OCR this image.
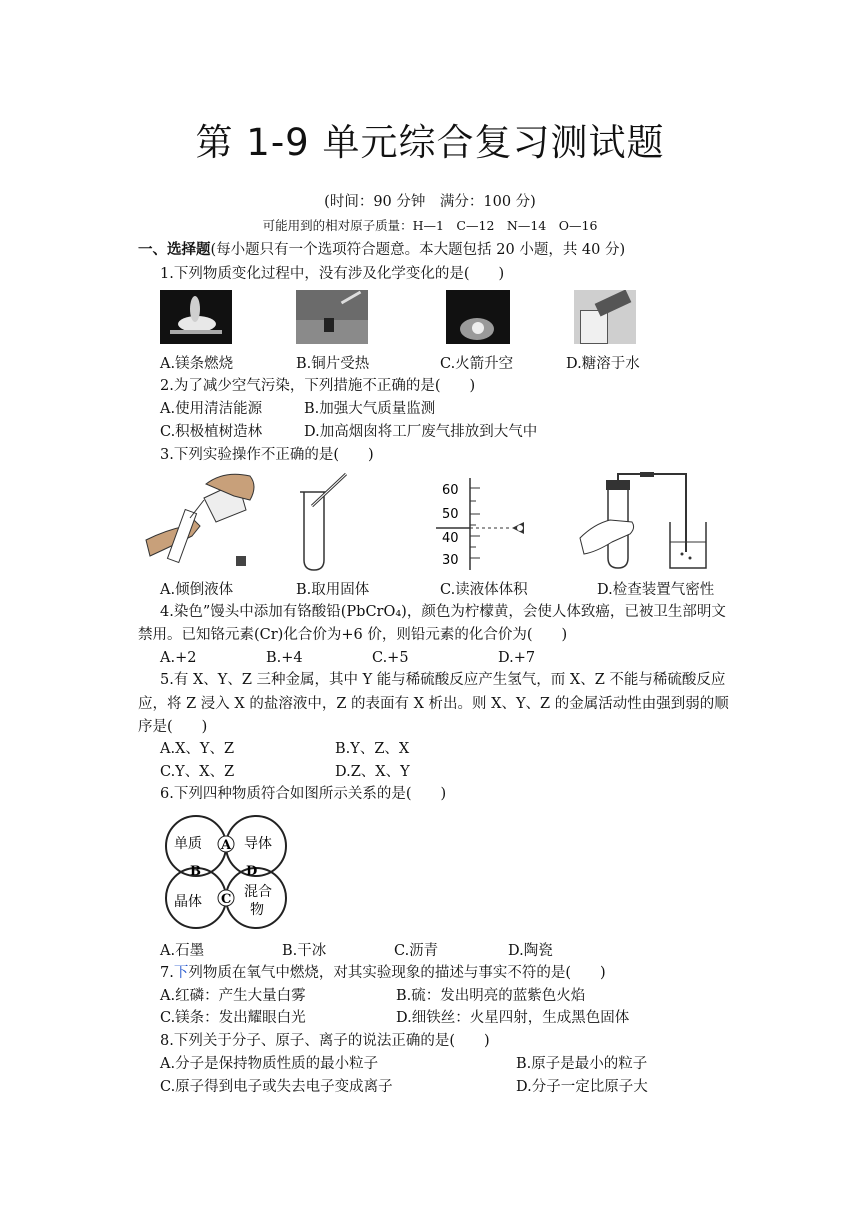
第 1-9 单元综合复习测试题
(时间：90 分钟　满分：100 分)
可能用到的相对原子质量：H—1　C—12　N—14　O—16
一、选择题(每小题只有一个选项符合题意。本大题包括 20 小题，共 40 分)
1.下列物质变化过程中，没有涉及化学变化的是(　　)
A.镁条燃烧	B.铜片受热	C.火箭升空	D.糖溶于水
2.为了减少空气污染，下列措施不正确的是(　　)
A.使用清洁能源	B.加强大气质量监测
C.积极植树造林	D.加高烟囱将工厂废气排放到大气中
3.下列实验操作不正确的是(　　)
60
50
40
30
A.倾倒液体	B.取用固体	C.读液体体积	D.检查装置气密性
4.染色”馒头中添加有铬酸铅(PbCrO₄)，颜色为柠檬黄，会使人体致癌，已被卫生部明文
禁用。已知铬元素(Cr)化合价为+6 价，则铅元素的化合价为(　　)
A.+2	B.+4	C.+5	D.+7
5.有 X、Y、Z 三种金属，其中 Y 能与稀硫酸反应产生氢气，而 X、Z 不能与稀硫酸反应
应，将 Z 浸入 X 的盐溶液中，Z 的表面有 X 析出。则 X、Y、Z 的金属活动性由强到弱的顺
序是(　　)
A.X、Y、Z	B.Y、Z、X
C.Y、X、Z	D.Z、X、Y
6.下列四种物质符合如图所示关系的是(　　)
单质	导体
晶体
混合
物
A
B
C
D
A.石墨	B.干冰	C.沥青	D.陶瓷
7.下列物质在氧气中燃烧，对其实验现象的描述与事实不符的是(　　)
A.红磷：产生大量白雾	B.硫：发出明亮的蓝紫色火焰
C.镁条：发出耀眼白光	D.细铁丝：火星四射，生成黑色固体
8.下列关于分子、原子、离子的说法正确的是(　　)
A.分子是保持物质性质的最小粒子	B.原子是最小的粒子
C.原子得到电子或失去电子变成离子	D.分子一定比原子大
